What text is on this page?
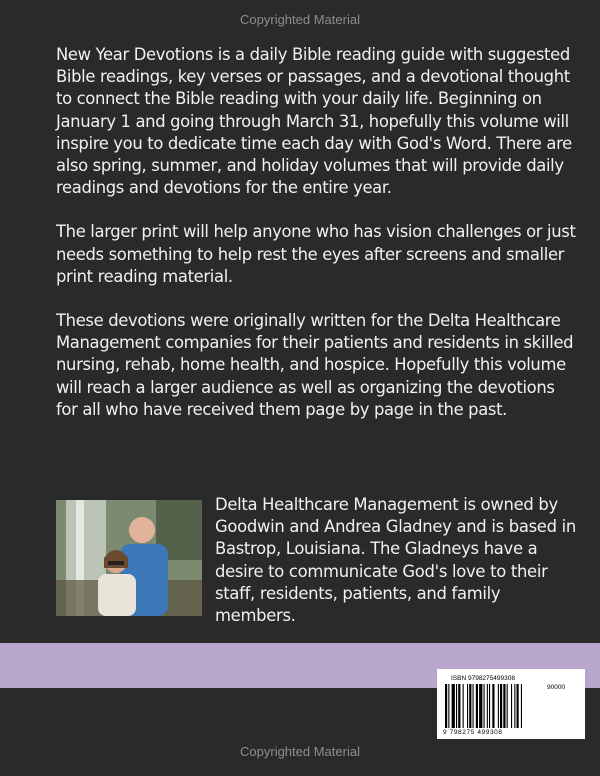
Copyrighted Material

New Year Devotions is a daily Bible reading guide with suggested Bible readings, key verses or passages, and a devotional thought to connect the Bible reading with your daily life. Beginning on January 1 and going through March 31, hopefully this volume will inspire you to dedicate time each day with God's Word. There are also spring, summer, and holiday volumes that will provide daily readings and devotions for the entire year.

The larger print will help anyone who has vision challenges or just needs something to help rest the eyes after screens and smaller print reading material.

These devotions were originally written for the Delta Healthcare Management companies for their patients and residents in skilled nursing, rehab, home health, and hospice. Hopefully this volume will reach a larger audience as well as organizing the devotions for all who have received them page by page in the past.

Delta Healthcare Management is owned by Goodwin and Andrea Gladney and is based in Bastrop, Louisiana. The Gladneys have a desire to communicate God's love to their staff, residents, patients, and family members.
ISBN 9798275499308
90000
9 798275 499308
Copyrighted Material
